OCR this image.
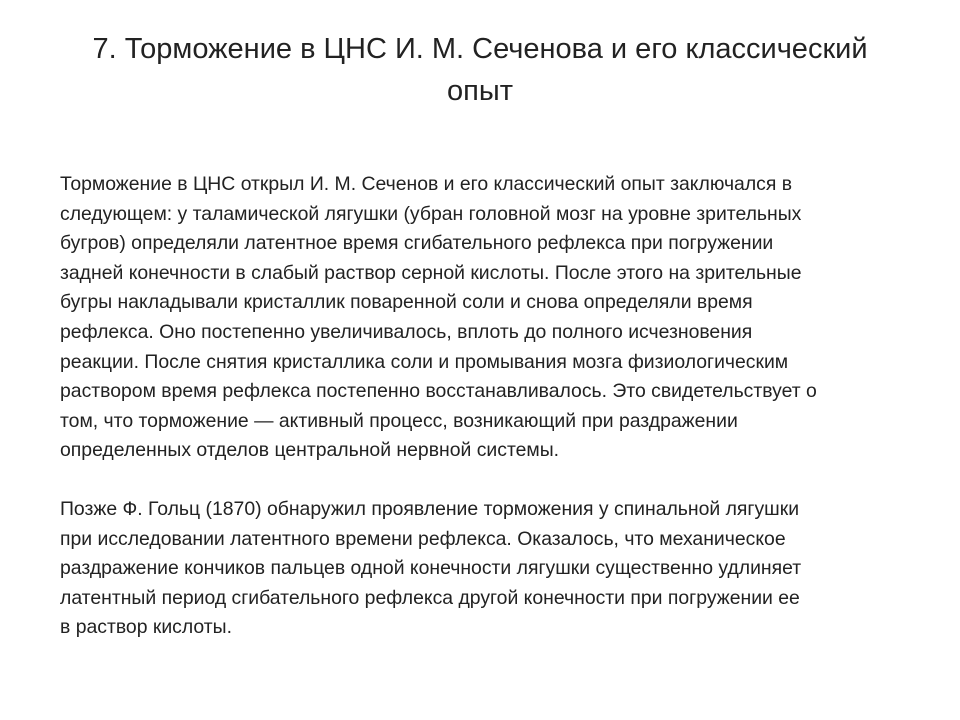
7. Торможение в ЦНС И. М. Сеченова и его классический
опыт
Торможение в ЦНС открыл И. М. Сеченов и его классический опыт заключался в
следующем: у таламической лягушки (убран головной мозг на уровне зрительных
бугров) определяли латентное время сгибательного рефлекса при погружении
задней конечности в слабый раствор серной кислоты. После этого на зрительные
бугры накладывали кристаллик поваренной соли и снова определяли время
рефлекса. Оно постепенно увеличивалось, вплоть до полного исчезновения
реакции. После снятия кристаллика соли и промывания мозга физиологическим
раствором время рефлекса постепенно восстанавливалось. Это свидетельствует о
том, что торможение — активный процесс, возникающий при раздражении
определенных отделов центральной нервной системы.
Позже Ф. Гольц (1870) обнаружил проявление торможения у спинальной лягушки
при исследовании латентного времени рефлекса. Оказалось, что механическое
раздражение кончиков пальцев одной конечности лягушки существенно удлиняет
латентный период сгибательного рефлекса другой конечности при погружении ее
в раствор кислоты.
